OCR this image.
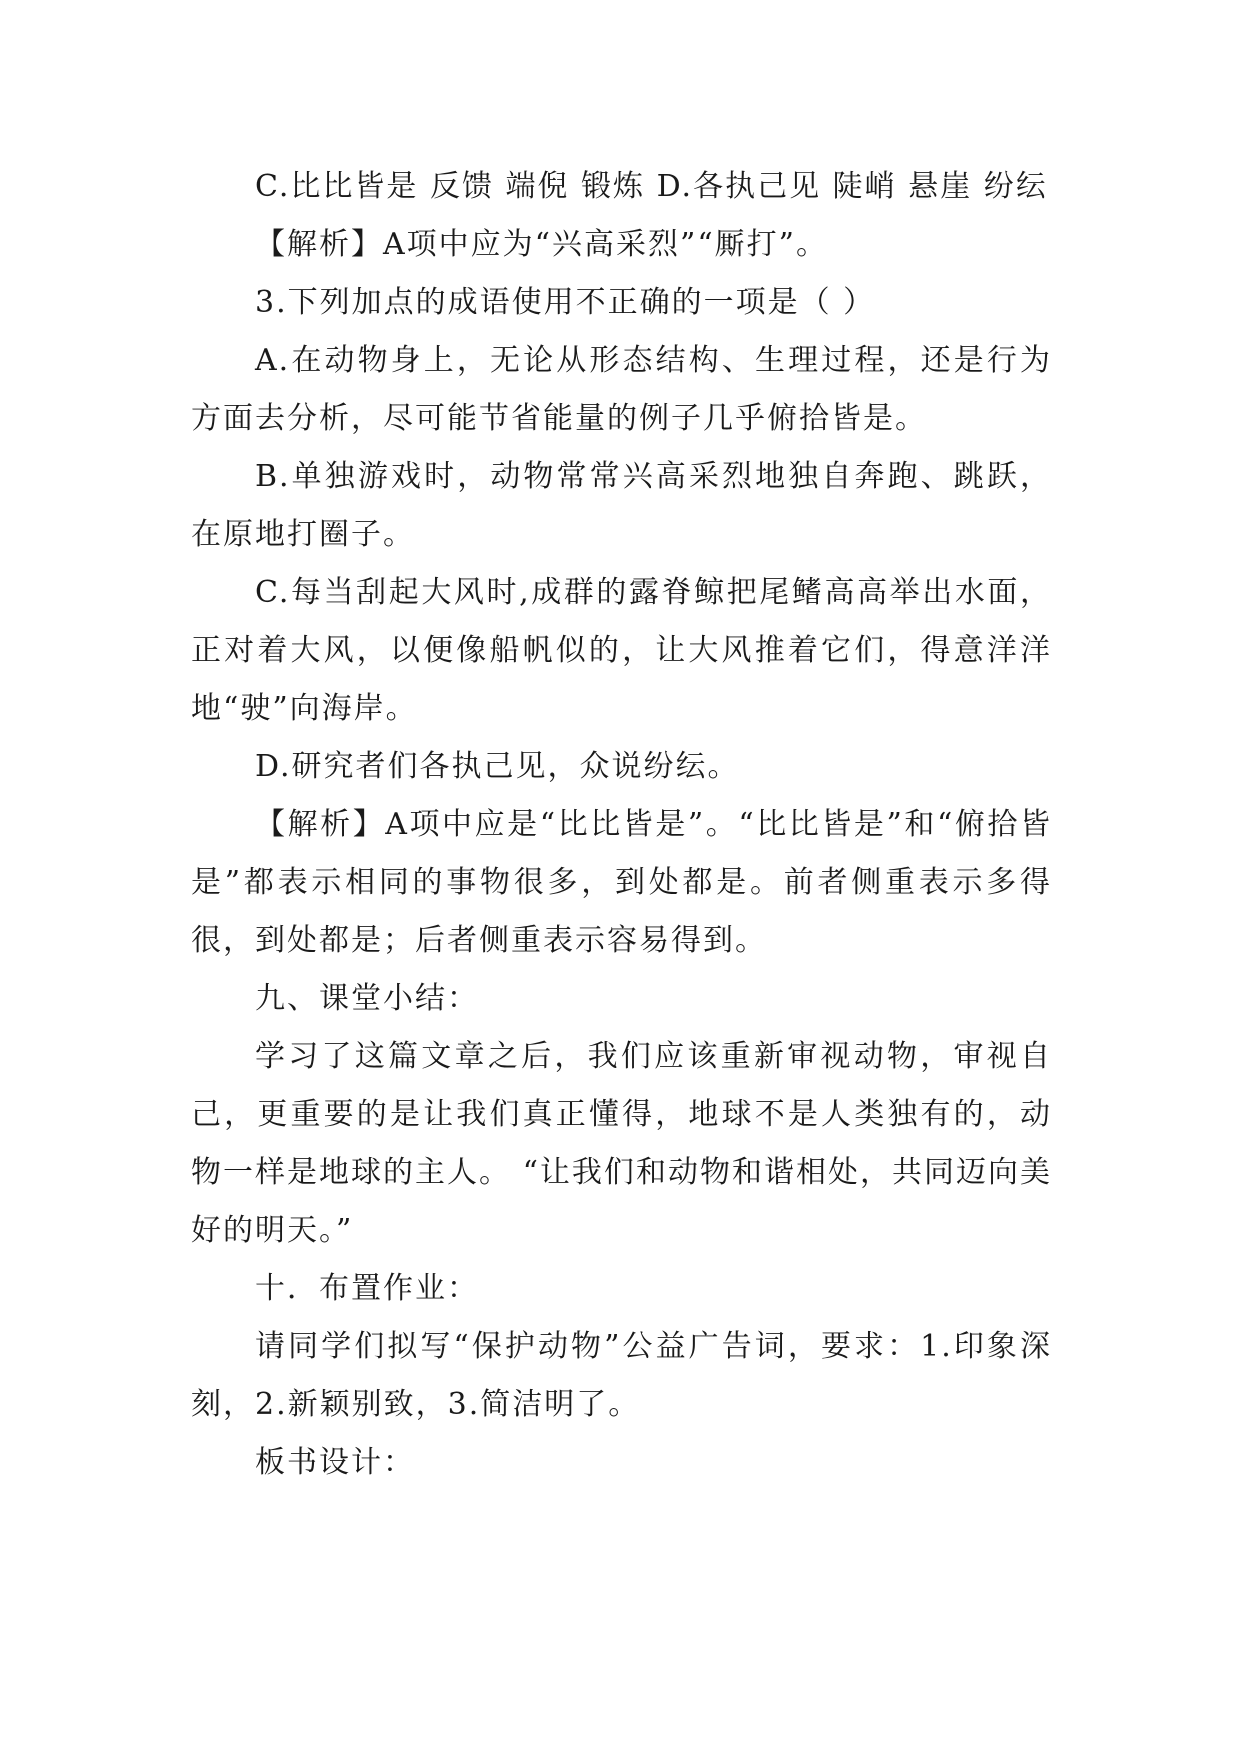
C.比比皆是 反馈 端倪 锻炼 D.各执己见 陡峭 悬崖 纷纭

【解析】A项中应为“兴高采烈”“厮打”。

3.下列加点的成语使用不正确的一项是（ ）

A.在动物身上，无论从形态结构、生理过程，还是行为方面去分析，尽可能节省能量的例子几乎俯拾皆是。

B.单独游戏时，动物常常兴高采烈地独自奔跑、跳跃，在原地打圈子。

C.每当刮起大风时,成群的露脊鲸把尾鳍高高举出水面，正对着大风，以便像船帆似的，让大风推着它们，得意洋洋地“驶”向海岸。

D.研究者们各执己见，众说纷纭。

【解析】A项中应是“比比皆是”。“比比皆是”和“俯拾皆是”都表示相同的事物很多，到处都是。前者侧重表示多得很，到处都是；后者侧重表示容易得到。

九、课堂小结：

学习了这篇文章之后，我们应该重新审视动物，审视自己，更重要的是让我们真正懂得，地球不是人类独有的，动物一样是地球的主人。 “让我们和动物和谐相处，共同迈向美好的明天。”

十．布置作业：

请同学们拟写“保护动物”公益广告词，要求：1.印象深刻，2.新颖别致，3.简洁明了。

板书设计：
